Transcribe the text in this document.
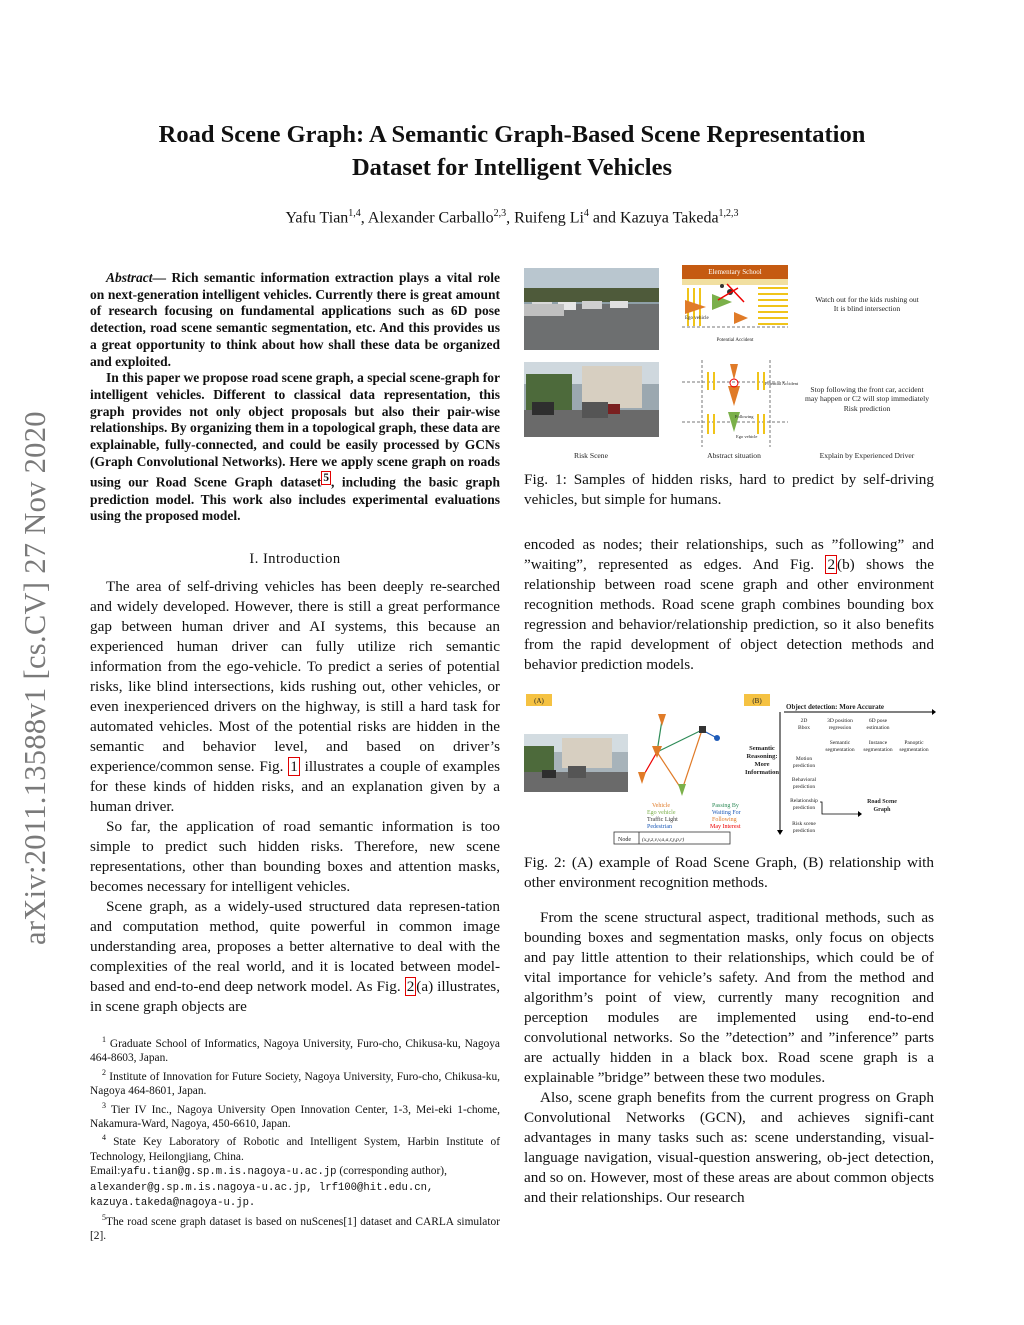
Road Scene Graph: A Semantic Graph-Based Scene Representation
Dataset for Intelligent Vehicles
Yafu Tian$^{1,4}$, Alexander Carballo$^{2,3}$, Ruifeng Li$^4$ and Kazuya Takeda$^{1,2,3}$
arXiv:2011.13588v1 [cs.CV] 27 Nov 2020

Abstract— Rich semantic information extraction plays a vital role on next-generation intelligent vehicles. Currently there is great amount of research focusing on fundamental applications such as 6D pose detection, road scene semantic segmentation, etc. And this provides us a great opportunity to think about how shall these data be organized and exploited.

In this paper we propose road scene graph, a special scene-graph for intelligent vehicles. Different to classical data representation, this graph provides not only object proposals but also their pair-wise relationships. By organizing them in a topological graph, these data are explainable, fully-connected, and could be easily processed by GCNs (Graph Convolutional Networks). Here we apply scene graph on roads using our Road Scene Graph dataset $^5$ , including the basic graph prediction model. This work also includes experimental evaluations using the proposed model.

I. Introduction

The area of self-driving vehicles has been deeply re-searched and widely developed. However, there is still a great performance gap between human driver and AI systems, this because an experienced human driver can fully utilize rich semantic information from the ego-vehicle. To predict a series of potential risks, like blind intersections, kids rushing out, other vehicles, or even inexperienced drivers on the highway, is still a hard task for automated vehicles. Most of the potential risks are hidden in the semantic and behavior level, and based on driver’s experience/common sense. Fig. 1 illustrates a couple of examples for these kinds of hidden risks, and an explanation given by a human driver.

So far, the application of road semantic information is too simple to predict such hidden risks. Therefore, new scene representations, other than bounding boxes and attention masks, becomes necessary for intelligent vehicles.

Scene graph, as a widely-used structured data represen-tation and computation method, quite powerful in common image understanding area, proposes a better alternative to deal with the complexities of the real world, and it is located between model-based and end-to-end deep network model. As Fig. 2 (a) illustrates, in scene graph objects are

$^1$ Graduate School of Informatics, Nagoya University, Furo-cho, Chikusa-ku, Nagoya 464-8603, Japan.

$^2$ Institute of Innovation for Future Society, Nagoya University, Furo-cho, Chikusa-ku, Nagoya 464-8601, Japan.

$^3$ Tier IV Inc., Nagoya University Open Innovation Center, 1-3, Mei-eki 1-chome, Nakamura-Ward, Nagoya, 450-6610, Japan.

$^4$ State Key Laboratory of Robotic and Intelligent System, Harbin Institute of Technology, Heilongjiang, China.

Email:yafu.tian@g.sp.m.is.nagoya-u.ac.jp (corresponding author),
alexander@g.sp.m.is.nagoya-u.ac.jp, lrf100@hit.edu.cn,
kazuya.takeda@nagoya-u.jp.

$^5$The road scene graph dataset is based on nuScenes[1] dataset and CARLA simulator [2].

Elementary School
Ego vehicle
Potential Accident
Watch out for the kids rushing out
It is blind intersection
Potential Accident
Following
Ego vehicle
Stop following the front car, accident
may happen or C2 will stop immediately
Risk prediction
Risk Scene	Abstract situation	Explain by Experienced Driver
Fig. 1: Samples of hidden risks, hard to predict by self-driving vehicles, but simple for humans.

encoded as nodes; their relationships, such as ”following” and ”waiting”, represented as edges. And Fig. 2 (b) shows the relationship between road scene graph and other environment recognition methods. Road scene graph combines bounding box regression and behavior/relationship prediction, so it also benefits from the rapid development of object detection methods and behavior prediction models.

(A)	(B)
Vehicle
Ego vehicle
Traffic Light
Pedestrian
Passing By
Waiting For
Following
May Interest
Node (x,y,z,v,v,a,a,r,y,p,r)
Object detection: More Accurate
Semantic
Reasoning:
More
Information
2D
Bbox
3D position
regression
6D pose
estimation
Semantic
segmentation
Instance
segmentation
Panoptic
segmentation
Motion
prediction
Behavioral
prediction
Relationship
prediction
Risk scene
prediction
Road Scene
Graph
Fig. 2: (A) example of Road Scene Graph, (B) relationship with other environment recognition methods.

From the scene structural aspect, traditional methods, such as bounding boxes and segmentation masks, only focus on objects and pay little attention to their relationships, which could be of vital importance for vehicle’s safety. And from the method and algorithm’s point of view, currently many recognition and perception modules are implemented using end-to-end convolutional networks. So the ”detection” and ”inference” parts are actually hidden in a black box. Road scene graph is a explainable ”bridge” between these two modules.

Also, scene graph benefits from the current progress on Graph Convolutional Networks (GCN), and achieves signifi-cant advantages in many tasks such as: scene understanding, visual-language navigation, visual-question answering, ob-ject detection, and so on. However, most of these areas are about common objects and their relationships. Our research
